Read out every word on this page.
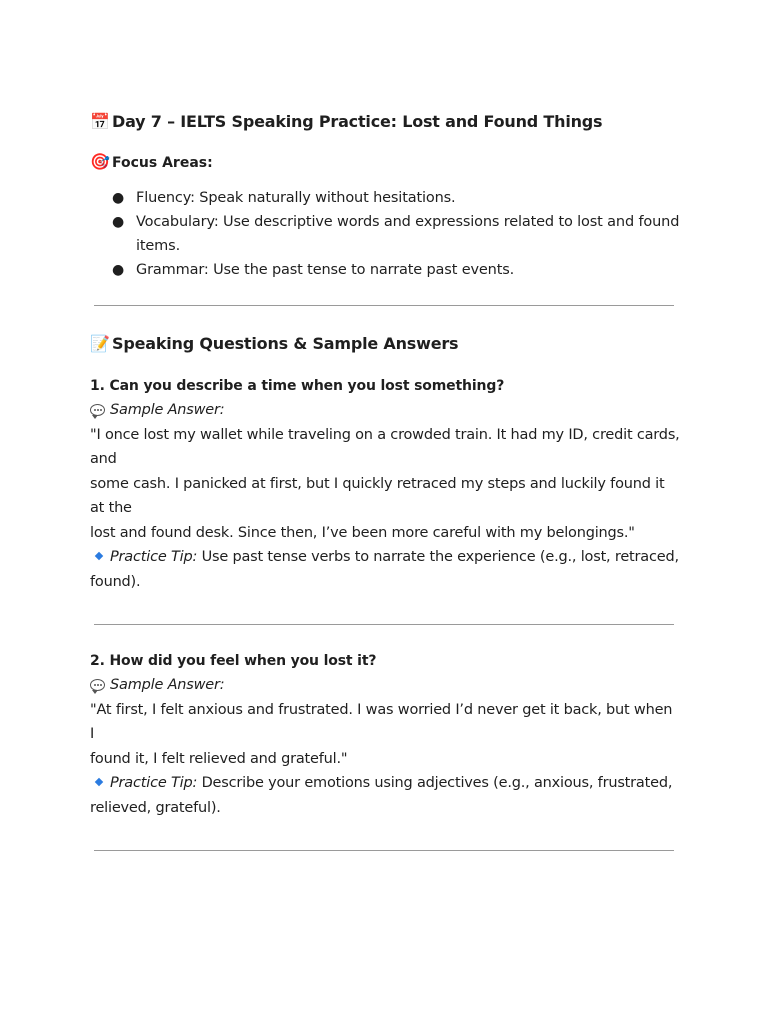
📅 Day 7 – IELTS Speaking Practice: Lost and Found Things
🎯 Focus Areas:
● Fluency: Speak naturally without hesitations.
● Vocabulary: Use descriptive words and expressions related to lost and found
items.
● Grammar: Use the past tense to narrate past events.
📝 Speaking Questions & Sample Answers
1. Can you describe a time when you lost something?
Sample Answer:
"I once lost my wallet while traveling on a crowded train. It had my ID, credit cards, and
some cash. I panicked at first, but I quickly retraced my steps and luckily found it at the
lost and found desk. Since then, I’ve been more careful with my belongings."
Practice Tip: Use past tense verbs to narrate the experience (e.g., lost, retraced,
found).
2. How did you feel when you lost it?
Sample Answer:
"At first, I felt anxious and frustrated. I was worried I’d never get it back, but when I
found it, I felt relieved and grateful."
Practice Tip: Describe your emotions using adjectives (e.g., anxious, frustrated,
relieved, grateful).
